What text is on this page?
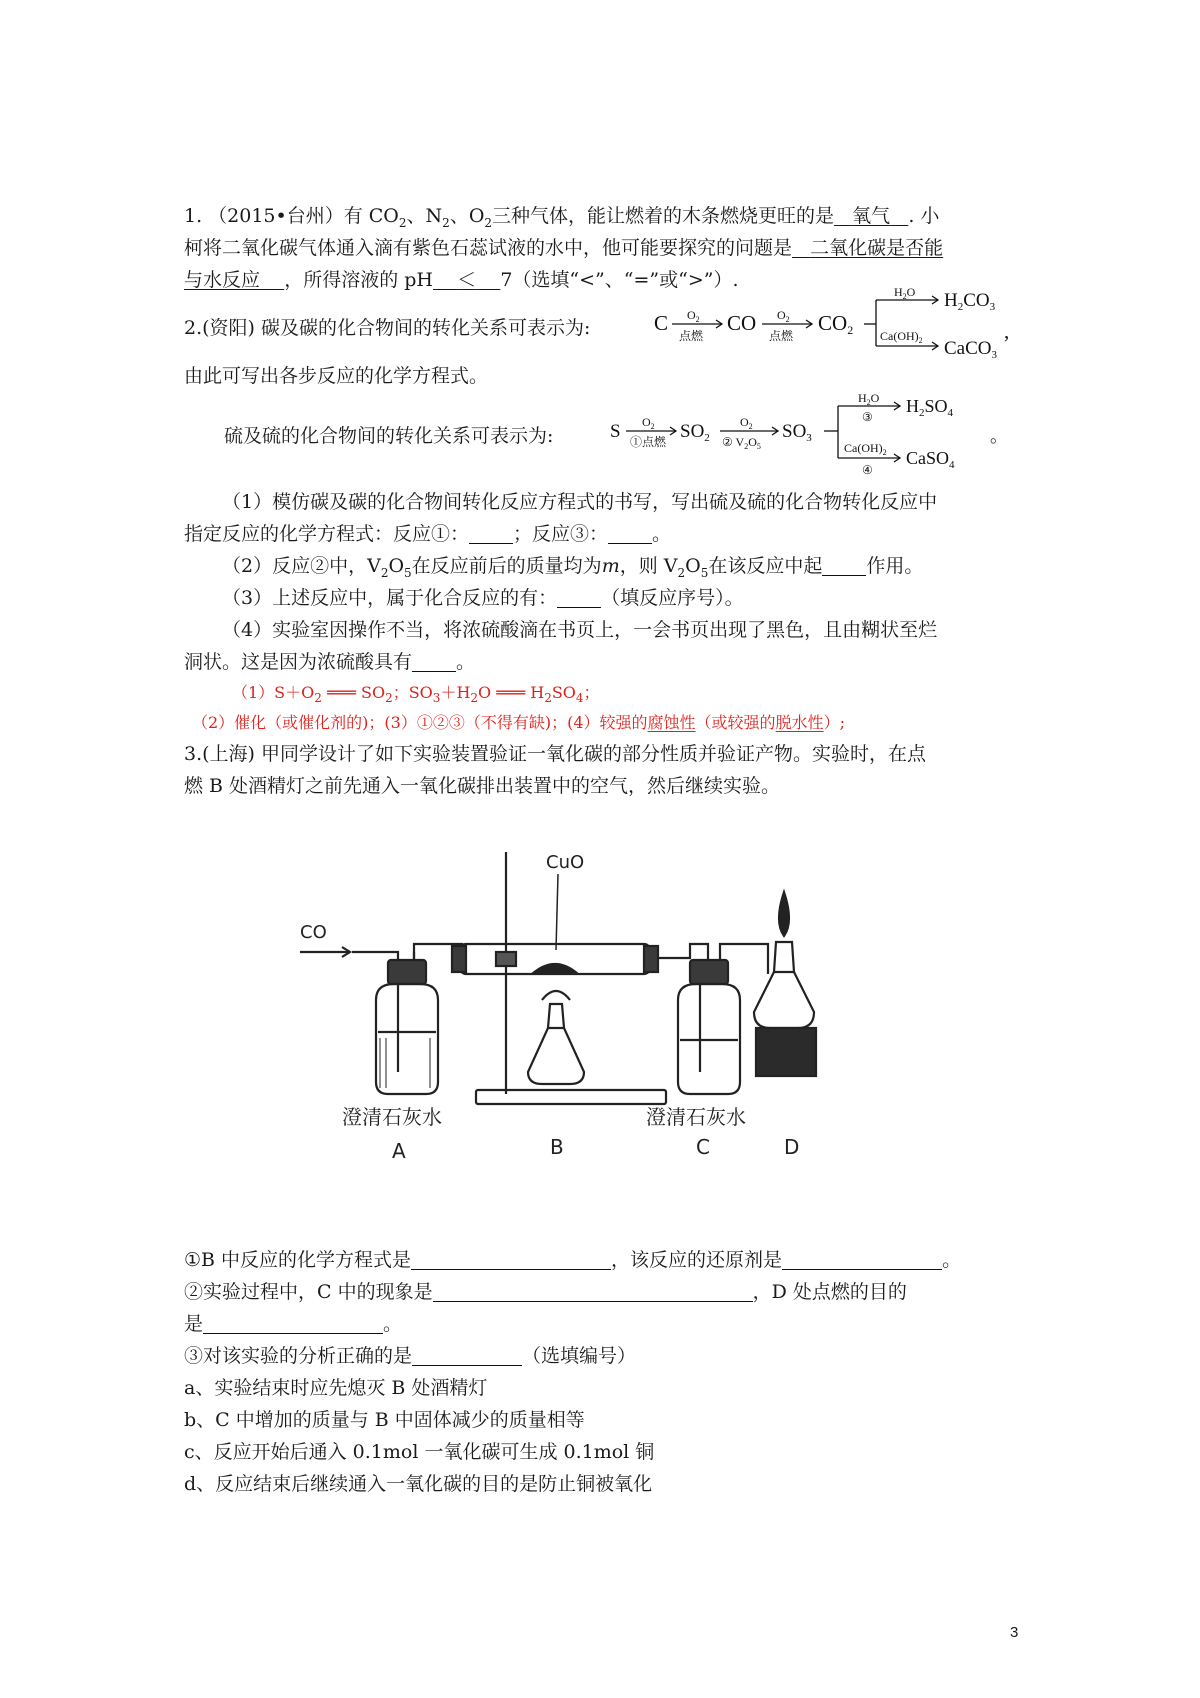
1. （2015•台州）有 $CO_2$、$N_2$、$O_2$三种气体，能让燃着的木条燃烧更旺的是 氧气 . 小
柯将二氧化碳气体通入滴有紫色石蕊试液的水中，他可能要探究的问题是 二氧化碳是否能
与水反应 ，所得溶液的 pH ＜ 7（选填“<”、“=”或“>”）.
2.(资阳) 碳及碳的化合物间的转化关系可表示为:	C $O_2$
点燃
CO $O_2$
点燃
CO2
$H_2O$ $H_2CO_3$
$Ca(OH)_2$ CaCO$_3$
,
由此可写出各步反应的化学方程式。
硫及硫的化合物间的转化关系可表示为:	S $O_2$
①点燃 $SO_2$
$O_2$
② $V_2O_5$
$SO_3$
$H_2O$
③
$H_2SO_4$
$Ca(OH)_2$
④
CaSO$_4$
。
（1）模仿碳及碳的化合物间转化反应方程式的书写，写出硫及硫的化合物转化反应中
指定反应的化学方程式：反应①： ；反应③： 。
（2）反应②中，$V_2O_5$在反应前后的质量均为m，则 $V_2O_5$在该反应中起 作用。
（3）上述反应中，属于化合反应的有： （填反应序号）。
（4）实验室因操作不当，将浓硫酸滴在书页上，一会书页出现了黑色，且由糊状至烂
洞状。这是因为浓硫酸具有 。
$(1)S+O_2$ ═══ $SO_2$；$SO_3+H_2O$ ═══ $H_2SO_4$；
（2）催化（或催化剂的)；(3）①②③（不得有缺)；(4）较强的腐蚀性（或较强的脱水性）;
3.(上海) 甲同学设计了如下实验装置验证一氧化碳的部分性质并验证产物。实验时，在点
燃 B 处酒精灯之前先通入一氧化碳排出装置中的空气，然后继续实验。
CO
CuO
澄清石灰水	澄清石灰水
A	B	C	D
①B 中反应的化学方程式是	，该反应的还原剂是	。
②实验过程中，C 中的现象是	，D 处点燃的目的
是	。
③对该实验的分析正确的是	（选填编号）
a、实验结束时应先熄灭 B 处酒精灯
b、C 中增加的质量与 B 中固体减少的质量相等
c、反应开始后通入 0.1mol 一氧化碳可生成 0.1mol 铜
d、反应结束后继续通入一氧化碳的目的是防止铜被氧化
3
